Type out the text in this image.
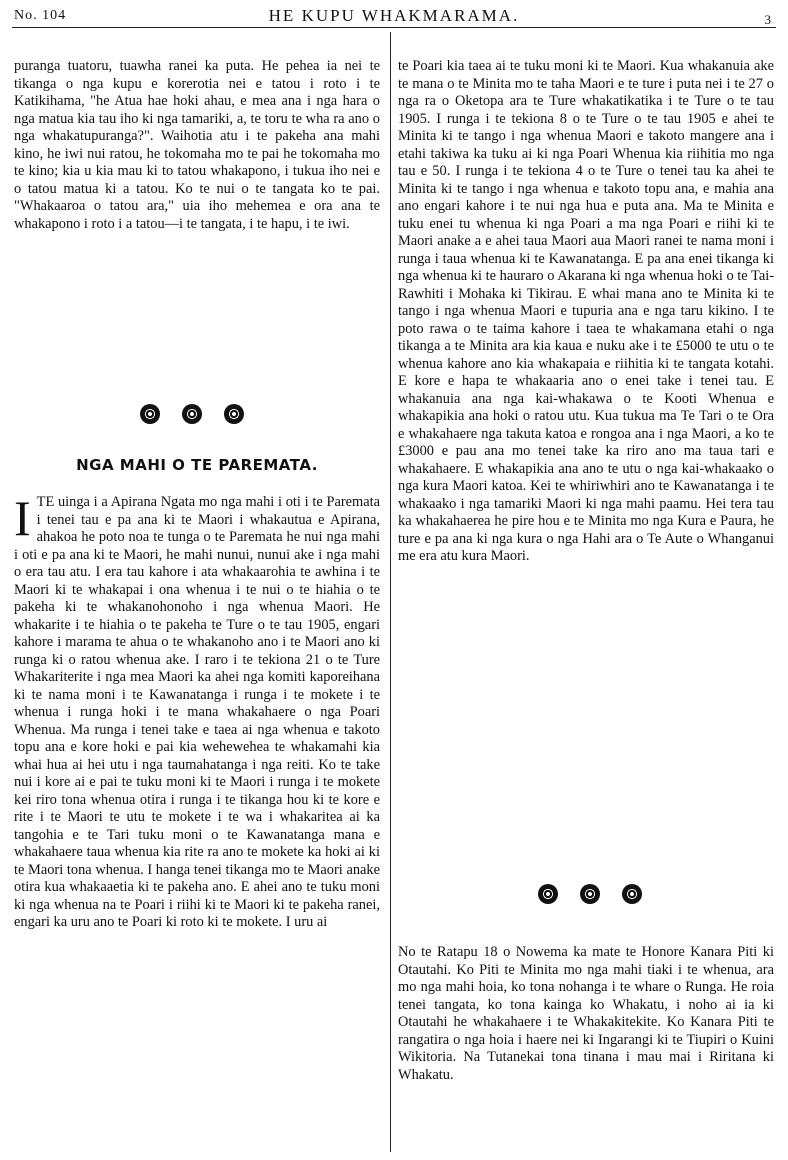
No. 104	HE KUPU WHAKMARAMA.	3

puranga tuatoru, tuawha ranei ka puta. He pehea ia nei te tikanga o nga kupu e korerotia nei e tatou i roto i te Katikihama, "he Atua hae hoki ahau, e mea ana i nga hara o nga matua kia tau iho ki nga tamariki, a, te toru te wha ra ano o nga whakatupuranga?". Waihotia atu i te pakeha ana mahi kino, he iwi nui ratou, he tokomaha mo te pai he tokomaha mo te kino; kia u kia mau ki to tatou whakapono, i tukua iho nei e o tatou matua ki a tatou. Ko te nui o te tangata ko te pai. "Whakaaroa o tatou ara," uia iho mehemea e ora ana te whakapono i roto i a tatou—i te tangata, i te hapu, i te iwi.

NGA MAHI O TE PAREMATA.

I TE uinga i a Apirana Ngata mo nga mahi i oti i te Paremata i tenei tau e pa ana ki te Maori i whakautua e Apirana, ahakoa he poto noa te tunga o te Paremata he nui nga mahi i oti e pa ana ki te Maori, he mahi nunui, nunui ake i nga mahi o era tau atu. I era tau kahore i ata whakaarohia te awhina i te Maori ki te whakapai i ona whenua i te nui o te hiahia o te pakeha ki te whakanohonoho i nga whenua Maori. He whakarite i te hiahia o te pakeha te Ture o te tau 1905, engari kahore i marama te ahua o te whakanoho ano i te Maori ano ki runga ki o ratou whenua ake. I raro i te tekiona 21 o te Ture Whakariterite i nga mea Maori ka ahei nga komiti kaporeihana ki te nama moni i te Kawanatanga i runga i te mokete i te whenua i runga hoki i te mana whakahaere o nga Poari Whenua. Ma runga i tenei take e taea ai nga whenua e takoto topu ana e kore hoki e pai kia wehewehea te whakamahi kia whai hua ai hei utu i nga taumahatanga i nga reiti. Ko te take nui i kore ai e pai te tuku moni ki te Maori i runga i te mokete kei riro tona whenua otira i runga i te tikanga hou ki te kore e rite i te Maori te utu te mokete i te wa i whakaritea ai ka tangohia e te Tari tuku moni o te Kawanatanga mana e whakahaere taua whenua kia rite ra ano te mokete ka hoki ai ki te Maori tona whenua. I hanga tenei tikanga mo te Maori anake otira kua whakaaetia ki te pakeha ano. E ahei ano te tuku moni ki nga whenua na te Poari i riihi ki te Maori ki te pakeha ranei, engari ka uru ano te Poari ki roto ki te mokete. I uru ai

te Poari kia taea ai te tuku moni ki te Maori. Kua whakanuia ake te mana o te Minita mo te taha Maori e te ture i puta nei i te 27 o nga ra o Oketopa ara te Ture whakatikatika i te Ture o te tau 1905. I runga i te tekiona 8 o te Ture o te tau 1905 e ahei te Minita ki te tango i nga whenua Maori e takoto mangere ana i etahi takiwa ka tuku ai ki nga Poari Whenua kia riihitia mo nga tau e 50. I runga i te tekiona 4 o te Ture o tenei tau ka ahei te Minita ki te tango i nga whenua e takoto topu ana, e mahia ana ano engari kahore i te nui nga hua e puta ana. Ma te Minita e tuku enei tu whenua ki nga Poari a ma nga Poari e riihi ki te Maori anake a e ahei taua Maori aua Maori ranei te nama moni i runga i taua whenua ki te Kawanatanga. E pa ana enei tikanga ki nga whenua ki te hauraro o Akarana ki nga whenua hoki o te Tai-Rawhiti i Mohaka ki Tikirau. E whai mana ano te Minita ki te tango i nga whenua Maori e tupuria ana e nga taru kikino. I te poto rawa o te taima kahore i taea te whakamana etahi o nga tikanga a te Minita ara kia kaua e nuku ake i te £5000 te utu o te whenua kahore ano kia whakapaia e riihitia ki te tangata kotahi. E kore e hapa te whakaaria ano o enei take i tenei tau. E whakanuia ana nga kai-whakawa o te Kooti Whenua e whakapikia ana hoki o ratou utu. Kua tukua ma Te Tari o te Ora e whakahaere nga takuta katoa e rongoa ana i nga Maori, a ko te £3000 e pau ana mo tenei take ka riro ano ma taua tari e whakahaere. E whakapikia ana ano te utu o nga kai-whakaako o nga kura Maori katoa. Kei te whiriwhiri ano te Kawanatanga i te whakaako i nga tamariki Maori ki nga mahi paamu. Hei tera tau ka whakahaerea he pire hou e te Minita mo nga Kura e Paura, he ture e pa ana ki nga kura o nga Hahi ara o Te Aute o Whanganui me era atu kura Maori.

No te Ratapu 18 o Nowema ka mate te Honore Kanara Piti ki Otautahi. Ko Piti te Minita mo nga mahi tiaki i te whenua, ara mo nga mahi hoia, ko tona nohanga i te whare o Runga. He roia tenei tangata, ko tona kainga ko Whakatu, i noho ai ia ki Otautahi he whakahaere i te Whakakitekite. Ko Kanara Piti te rangatira o nga hoia i haere nei ki Ingarangi ki te Tiupiri o Kuini Wikitoria. Na Tutanekai tona tinana i mau mai i Riritana ki Whakatu.
